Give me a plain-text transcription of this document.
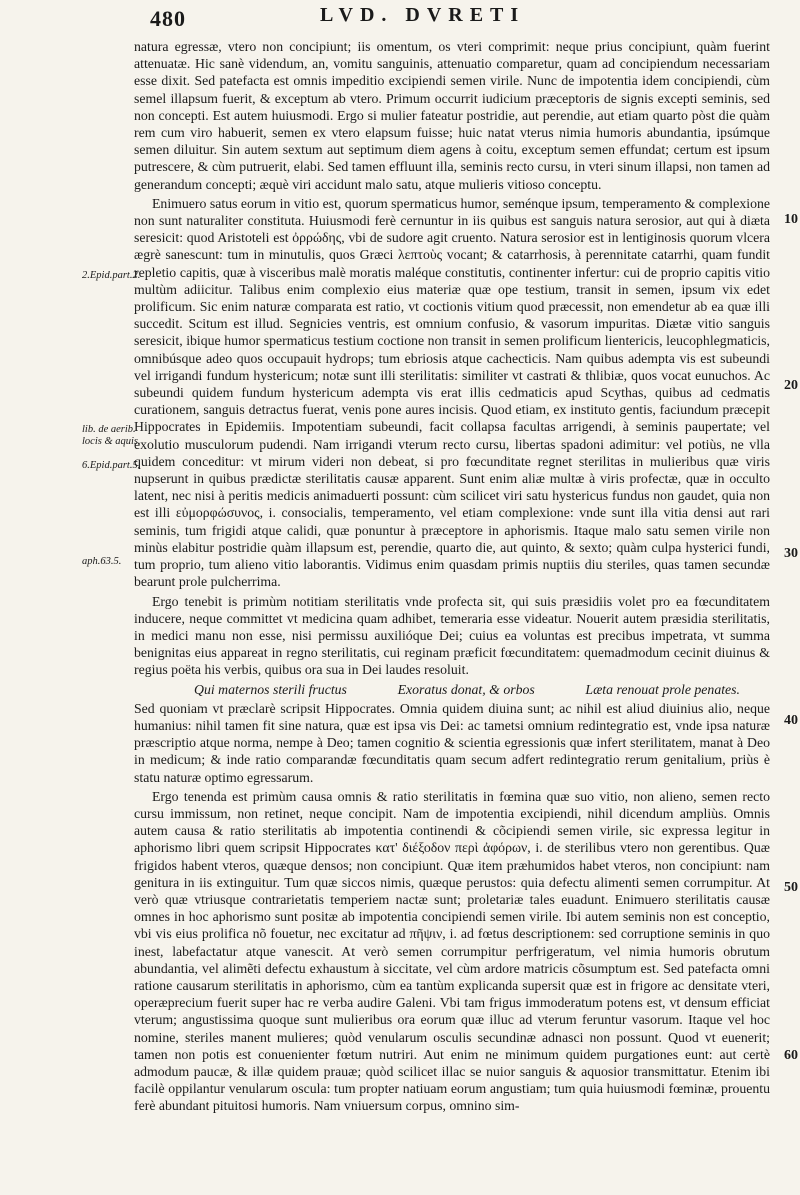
480	LVD. DVRETI
2.Epid.part.2.
lib. de aerib. locis & aquis.
6.Epid.part.5.
aph.63.5.
10
20
30
40
50
60

natura egressæ, vtero non concipiunt; iis omentum, os vteri comprimit: neque prius concipiunt, quàm fuerint attenuatæ. Hic sanè videndum, an, vomitu sanguinis, attenuatio comparetur, quam ad concipiendum necessariam esse dixit. Sed patefacta est omnis impeditio excipiendi semen virile. Nunc de impotentia idem concipiendi, cùm semel illapsum fuerit, & exceptum ab vtero. Primum occurrit iudicium præceptoris de signis excepti seminis, sed non concepti. Est autem huiusmodi. Ergo si mulier fateatur postridie, aut perendie, aut etiam quarto pòst die quàm rem cum viro habuerit, semen ex vtero elapsum fuisse; huic natat vterus nimia humoris abundantia, ipsúmque semen diluitur. Sin autem sextum aut septimum diem agens à coitu, exceptum semen effundat; certum est ipsum putrescere, & cùm putruerit, elabi. Sed tamen effluunt illa, seminis recto cursu, in vteri sinum illapsi, non tamen ad generandum concepti; æquè viri accidunt malo satu, atque mulieris vitioso conceptu.

Enimuero satus eorum in vitio est, quorum spermaticus humor, seménque ipsum, temperamento & complexione non sunt naturaliter constituta. Huiusmodi ferè cernuntur in iis quibus est sanguis natura serosior, aut qui à diæta seresicit: quod Aristoteli est ὀρρώδης, vbi de sudore agit cruento. Natura serosior est in lentiginosis quorum vlcera ægrè sanescunt: tum in minutulis, quos Græci λεπτοὺς vocant; & catarrhosis, à perennitate catarrhi, quam fundit repletio capitis, quæ à visceribus malè moratis maléque constitutis, continenter infertur: cui de proprio capitis vitio multùm adiicitur. Talibus enim complexio eius materiæ quæ ope testium, transit in semen, ipsum vix edet prolificum. Sic enim naturæ comparata est ratio, vt coctionis vitium quod præcessit, non emendetur ab ea quæ illi succedit. Scitum est illud. Segnicies ventris, est omnium confusio, & vasorum impuritas. Diætæ vitio sanguis seresicit, ibique humor spermaticus testium coctione non transit in semen prolificum lientericis, leucophlegmaticis, omnibúsque adeo quos occupauit hydrops; tum ebriosis atque cachecticis. Nam quibus adempta vis est subeundi vel irrigandi fundum hystericum; notæ sunt illi sterilitatis: similiter vt castrati & thlibiæ, quos vocat eunuchos. Ac subeundi quidem fundum hystericum adempta vis erat illis cedmaticis apud Scythas, quibus ad cedmatis curationem, sanguis detractus fuerat, venis pone aures incisis. Quod etiam, ex instituto gentis, faciundum præcepit Hippocrates in Epidemiis. Impotentiam subeundi, facit collapsa facultas arrigendi, à seminis paupertate; vel exolutio musculorum pudendi. Nam irrigandi vterum recto cursu, libertas spadoni adimitur: vel potiùs, ne vlla quidem conceditur: vt mirum videri non debeat, si pro fœcunditate regnet sterilitas in mulieribus quæ viris nupserunt in quibus prædictæ sterilitatis causæ apparent. Sunt enim aliæ multæ à viris profectæ, quæ in occulto latent, nec nisi à peritis medicis animaduerti possunt: cùm scilicet viri satu hystericus fundus non gaudet, quia non est illi εὐμορφώσυνος, i. consocialis, temperamento, vel etiam complexione: vnde sunt illa vitia densi aut rari seminis, tum frigidi atque calidi, quæ ponuntur à præceptore in aphorismis. Itaque malo satu semen virile non minùs elabitur postridie quàm illapsum est, perendie, quarto die, aut quinto, & sexto; quàm culpa hysterici fundi, tum proprio, tum alieno vitio laborantis. Vidimus enim quasdam primis nuptiis diu steriles, quas tamen secundæ bearunt prole pulcherrima.

Ergo tenebit is primùm notitiam sterilitatis vnde profecta sit, qui suis præsidiis volet pro ea fœcunditatem inducere, neque committet vt medicina quam adhibet, temeraria esse videatur. Nouerit autem præsidia sterilitatis, in medici manu non esse, nisi permissu auxilióque Dei; cuius ea voluntas est precibus impetrata, vt summa benignitas eius appareat in regno sterilitatis, cui reginam præficit fœcunditatem: quemadmodum cecinit diuinus & regius poëta his verbis, quibus ora sua in Dei laudes resoluit.

Qui maternos sterili fructus	Exoratus donat, & orbos	Læta renouat prole penates.

Sed quoniam vt præclarè scripsit Hippocrates. Omnia quidem diuina sunt; ac nihil est aliud diuinius alio, neque humanius: nihil tamen fit sine natura, quæ est ipsa vis Dei: ac tametsi omnium redintegratio est, vnde ipsa naturæ præscriptio atque norma, nempe à Deo; tamen cognitio & scientia egressionis quæ infert sterilitatem, manat à Deo in medicum; & inde ratio comparandæ fœcunditatis quam secum adfert redintegratio rerum genitalium, priùs è statu naturæ optimo egressarum.

Ergo tenenda est primùm causa omnis & ratio sterilitatis in fœmina quæ suo vitio, non alieno, semen recto cursu immissum, non retinet, neque concipit. Nam de impotentia excipiendi, nihil dicendum ampliùs. Omnis autem causa & ratio sterilitatis ab impotentia continendi & cõcipiendi semen virile, sic expressa legitur in aphorismo libri quem scripsit Hippocrates κατ' διέξοδον περὶ ἀφόρων, i. de sterilibus vtero non gerentibus. Quæ frigidos habent vteros, quæque densos; non concipiunt. Quæ item præhumidos habet vteros, non concipiunt: nam genitura in iis extinguitur. Tum quæ siccos nimis, quæque perustos: quia defectu alimenti semen corrumpitur. At verò quæ vtriusque contrarietatis temperiem nactæ sunt; proletariæ tales euadunt. Enimuero sterilitatis causæ omnes in hoc aphorismo sunt positæ ab impotentia concipiendi semen virile. Ibi autem seminis non est conceptio, vbi vis eius prolifica nõ fouetur, nec excitatur ad πῆψιν, i. ad fœtus descriptionem: sed corruptione seminis in quo inest, labefactatur atque vanescit. At verò semen corrumpitur perfrigeratum, vel nimia humoris obrutum abundantia, vel alimẽti defectu exhaustum à siccitate, vel cùm ardore matricis cõsumptum est. Sed patefacta omni ratione causarum sterilitatis in aphorismo, cùm ea tantùm explicanda supersit quæ est in frigore ac densitate vteri, operæprecium fuerit super hac re verba audire Galeni. Vbi tam frigus immoderatum potens est, vt densum efficiat vterum; angustissima quoque sunt mulieribus ora eorum quæ illuc ad vterum feruntur vasorum. Itaque vel hoc nomine, steriles manent mulieres; quòd venularum osculis secundinæ adnasci non possunt. Quod vt euenerit; tamen non potis est conuenienter fœtum nutriri. Aut enim ne minimum quidem purgationes eunt: aut certè admodum paucæ, & illæ quidem prauæ; quòd scilicet illac se nuior sanguis & aquosior transmittatur. Etenim ibi facilè oppilantur venularum oscula: tum propter natiuam eorum angustiam; tum quia huiusmodi fœminæ, prouentu ferè abundant pituitosi humoris. Nam vniuersum corpus, omnino sim-
